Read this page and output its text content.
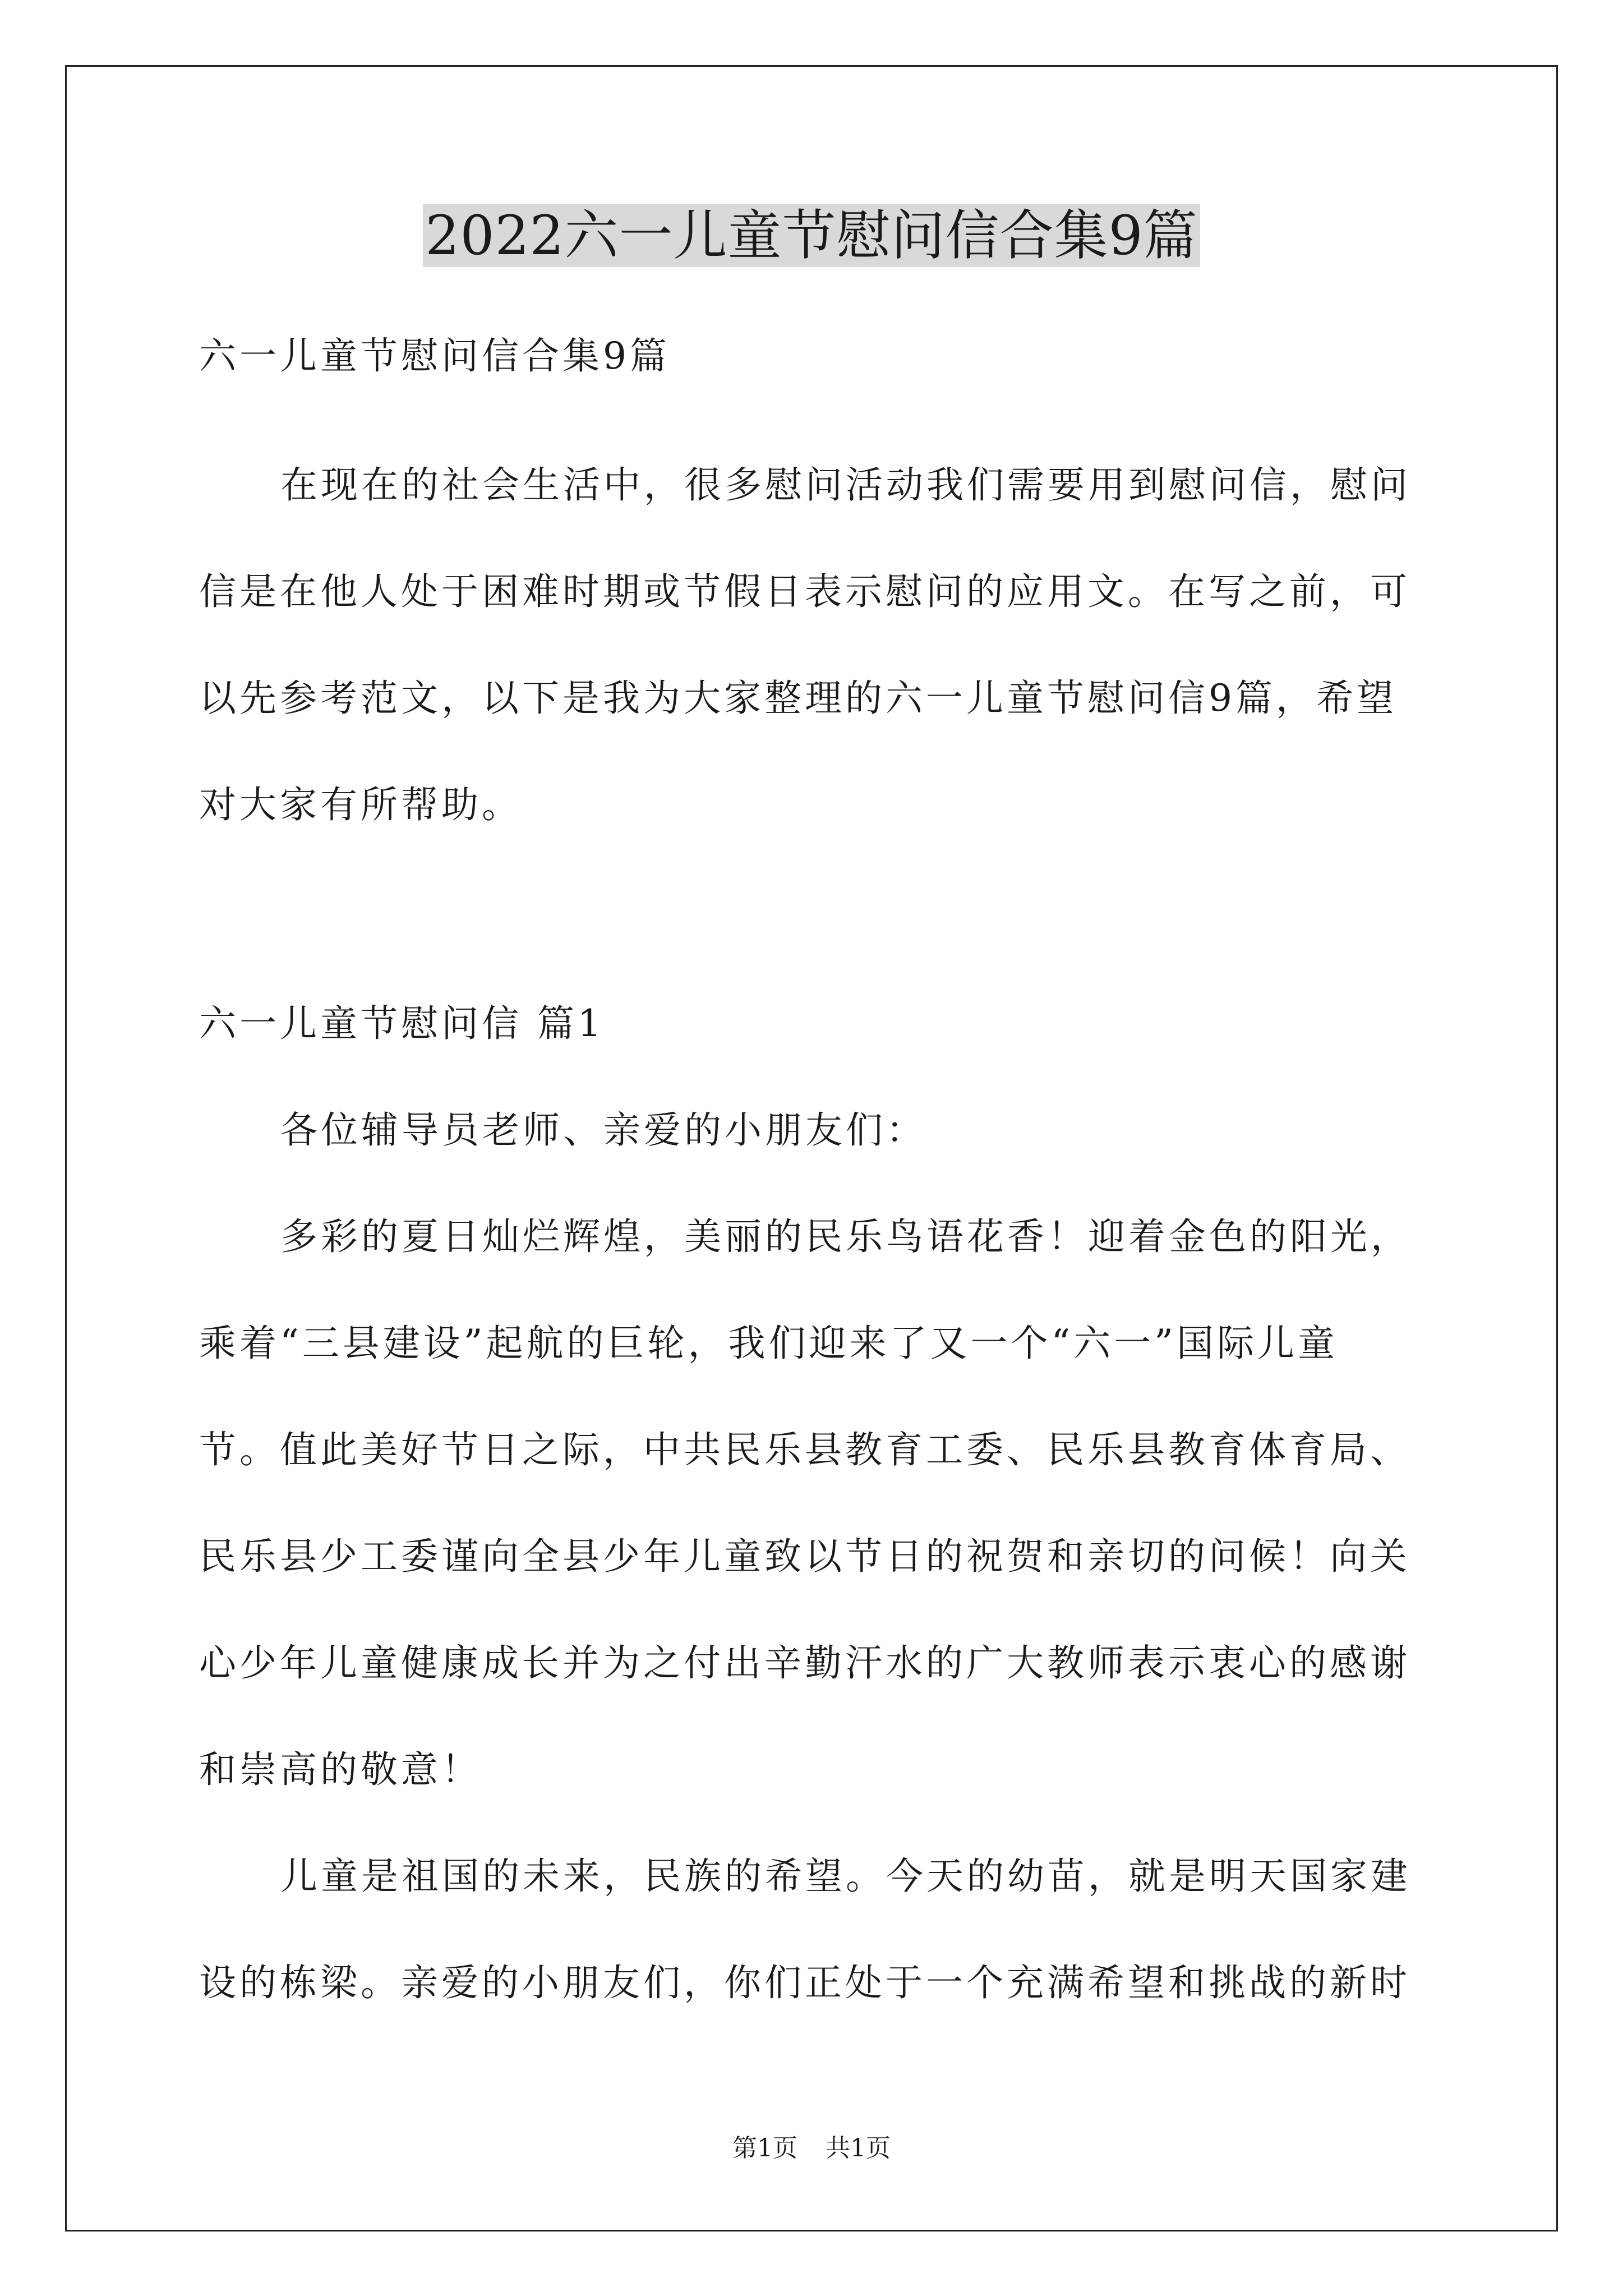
2022六一儿童节慰问信合集9篇
六一儿童节慰问信合集9篇
在现在的社会生活中，很多慰问活动我们需要用到慰问信，慰问
信是在他人处于困难时期或节假日表示慰问的应用文。在写之前，可
以先参考范文，以下是我为大家整理的六一儿童节慰问信9篇，希望
对大家有所帮助。
六一儿童节慰问信 篇1
各位辅导员老师、亲爱的小朋友们：
多彩的夏日灿烂辉煌，美丽的民乐鸟语花香！迎着金色的阳光，
乘着“三县建设”起航的巨轮，我们迎来了又一个“六一”国际儿童
节。值此美好节日之际，中共民乐县教育工委、民乐县教育体育局、
民乐县少工委谨向全县少年儿童致以节日的祝贺和亲切的问候！向关
心少年儿童健康成长并为之付出辛勤汗水的广大教师表示衷心的感谢
和崇高的敬意！
儿童是祖国的未来，民族的希望。今天的幼苗，就是明天国家建
设的栋梁。亲爱的小朋友们，你们正处于一个充满希望和挑战的新时
第1页 共1页
